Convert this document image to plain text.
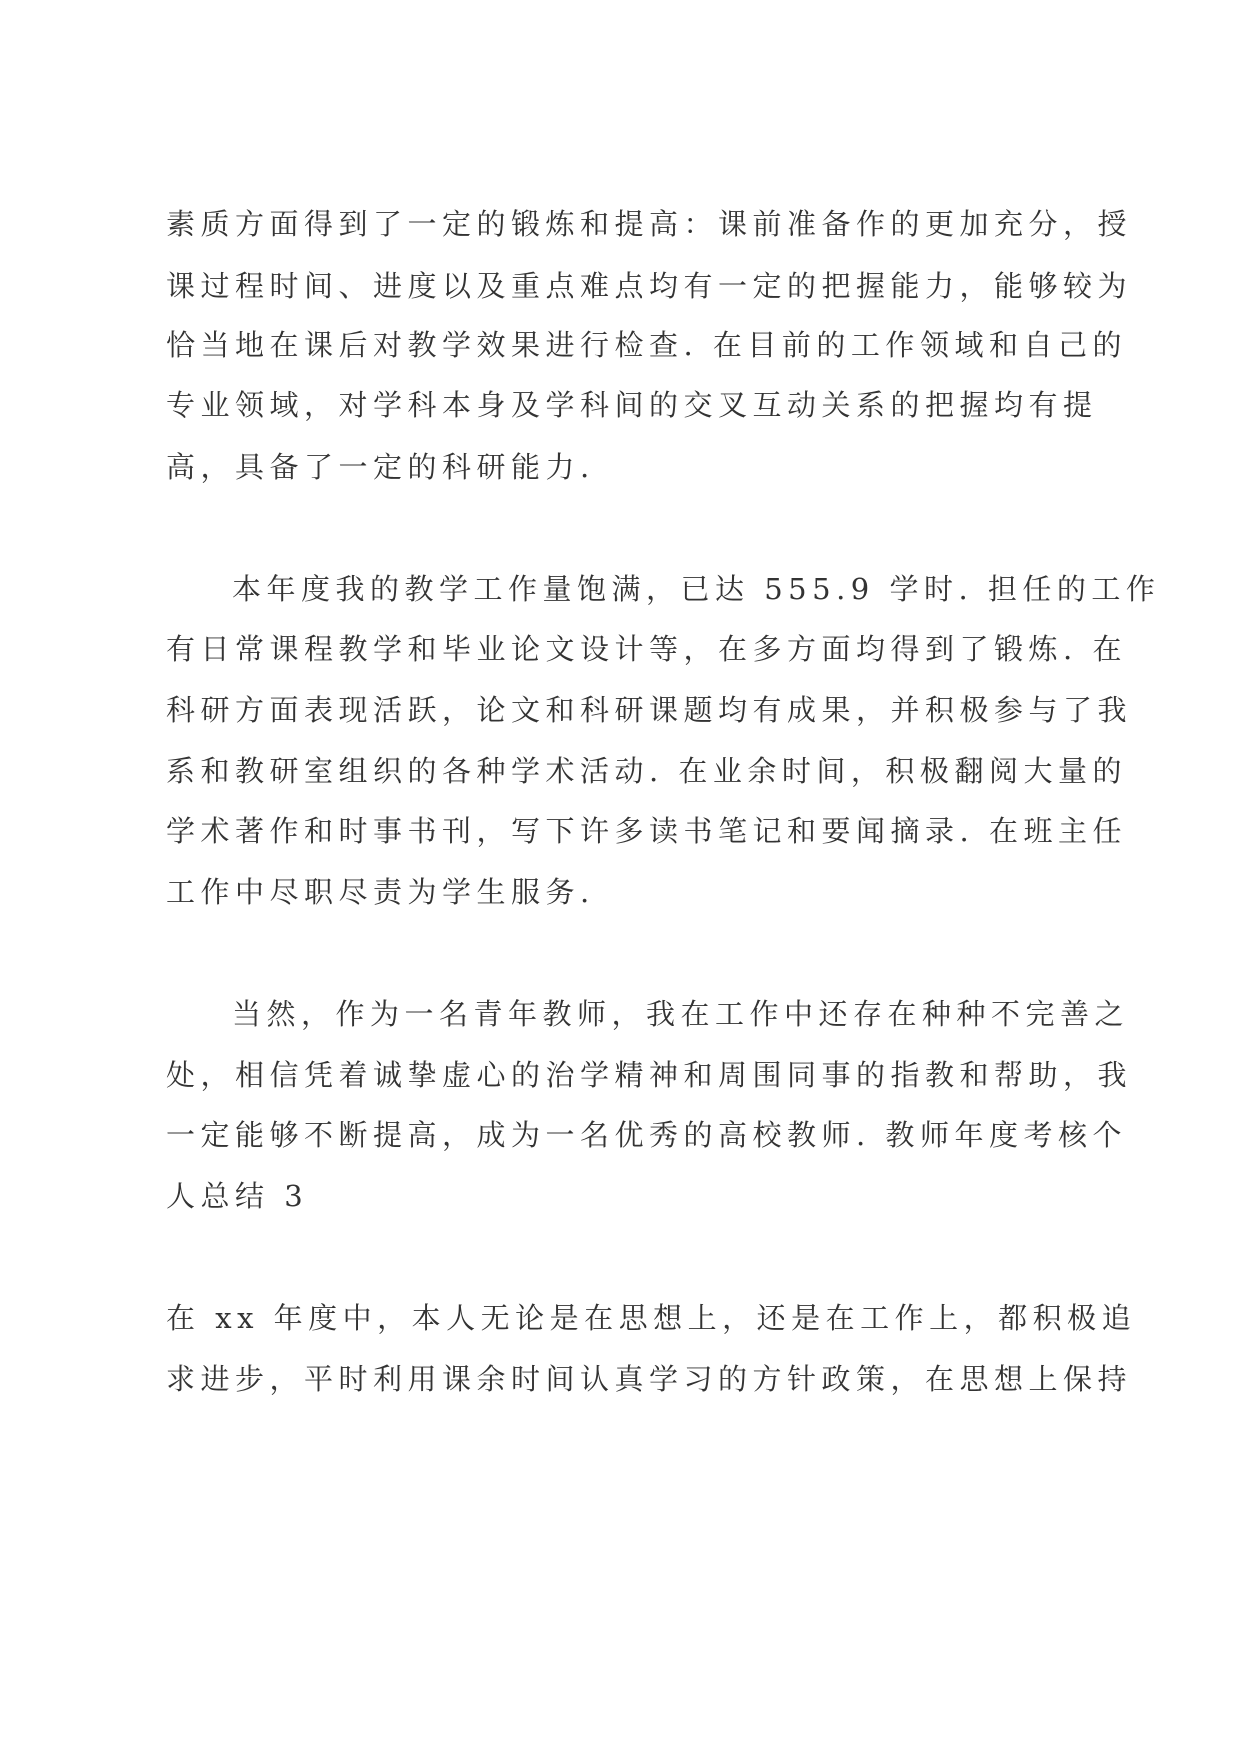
素质方面得到了一定的锻炼和提高：课前准备作的更加充分，授
课过程时间、进度以及重点难点均有一定的把握能力，能够较为
恰当地在课后对教学效果进行检查. 在目前的工作领域和自己的
专业领域，对学科本身及学科间的交叉互动关系的把握均有提
高，具备了一定的科研能力.
本年度我的教学工作量饱满，已达 555.9 学时. 担任的工作
有日常课程教学和毕业论文设计等，在多方面均得到了锻炼. 在
科研方面表现活跃，论文和科研课题均有成果，并积极参与了我
系和教研室组织的各种学术活动. 在业余时间，积极翻阅大量的
学术著作和时事书刊，写下许多读书笔记和要闻摘录. 在班主任
工作中尽职尽责为学生服务.
当然，作为一名青年教师，我在工作中还存在种种不完善之
处，相信凭着诚挚虚心的治学精神和周围同事的指教和帮助，我
一定能够不断提高，成为一名优秀的高校教师. 教师年度考核个
人总结 3
在 xx 年度中，本人无论是在思想上，还是在工作上，都积极追
求进步，平时利用课余时间认真学习的方针政策，在思想上保持
